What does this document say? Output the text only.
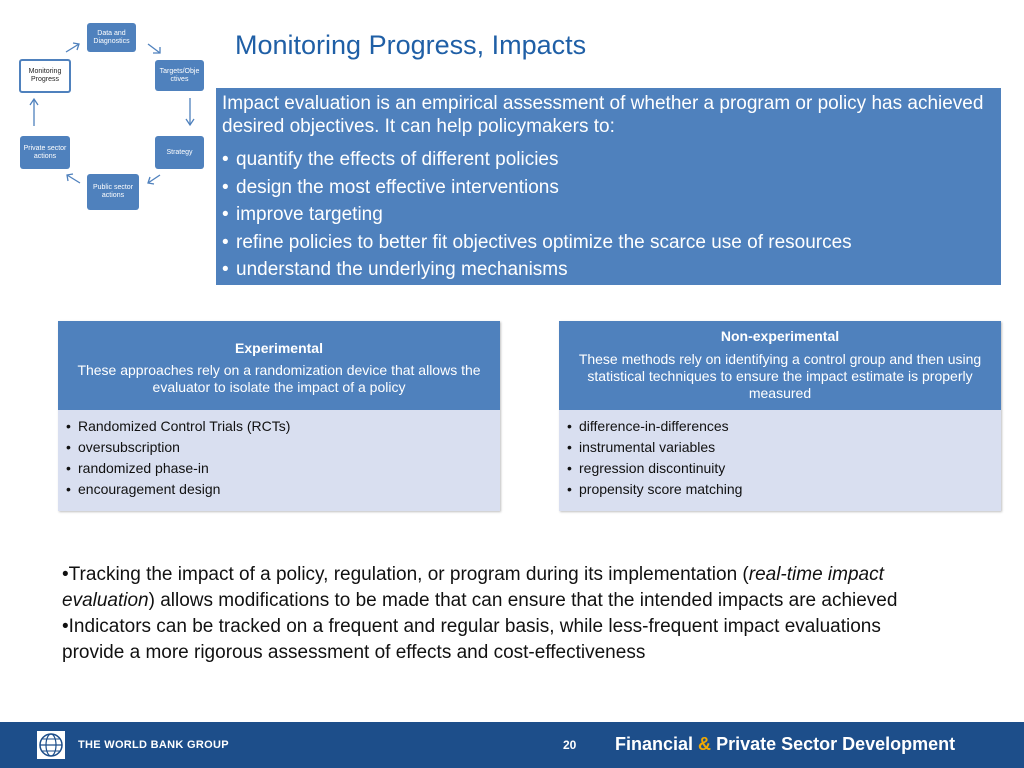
Data and Diagnostics
Targets/Obje ctives
Strategy
Public sector actions
Private sector actions
Monitoring Progress
Monitoring Progress, Impacts
Impact evaluation is an empirical assessment of whether a program or policy has achieved desired objectives. It can help policymakers to:
• quantify the effects of different policies
• design the most effective interventions
• improve targeting
• refine policies to better fit objectives optimize the scarce use of resources
• understand the underlying mechanisms
Experimental
These approaches rely on a randomization device that allows the evaluator to isolate the impact of a policy
• Randomized Control Trials (RCTs)
• oversubscription
• randomized phase-in
• encouragement design
Non-experimental
These methods rely on identifying a control group and then using statistical techniques to ensure the impact estimate is properly measured
• difference-in-differences
• instrumental variables
• regression discontinuity
• propensity score matching

•Tracking the impact of a policy, regulation, or program during its implementation (real-time impact evaluation) allows modifications to be made that can ensure that the intended impacts are achieved

•Indicators can be tracked on a frequent and regular basis, while less-frequent impact evaluations provide a more rigorous assessment of effects and cost-effectiveness

THE WORLD BANK GROUP	20 Financial & Private Sector Development
